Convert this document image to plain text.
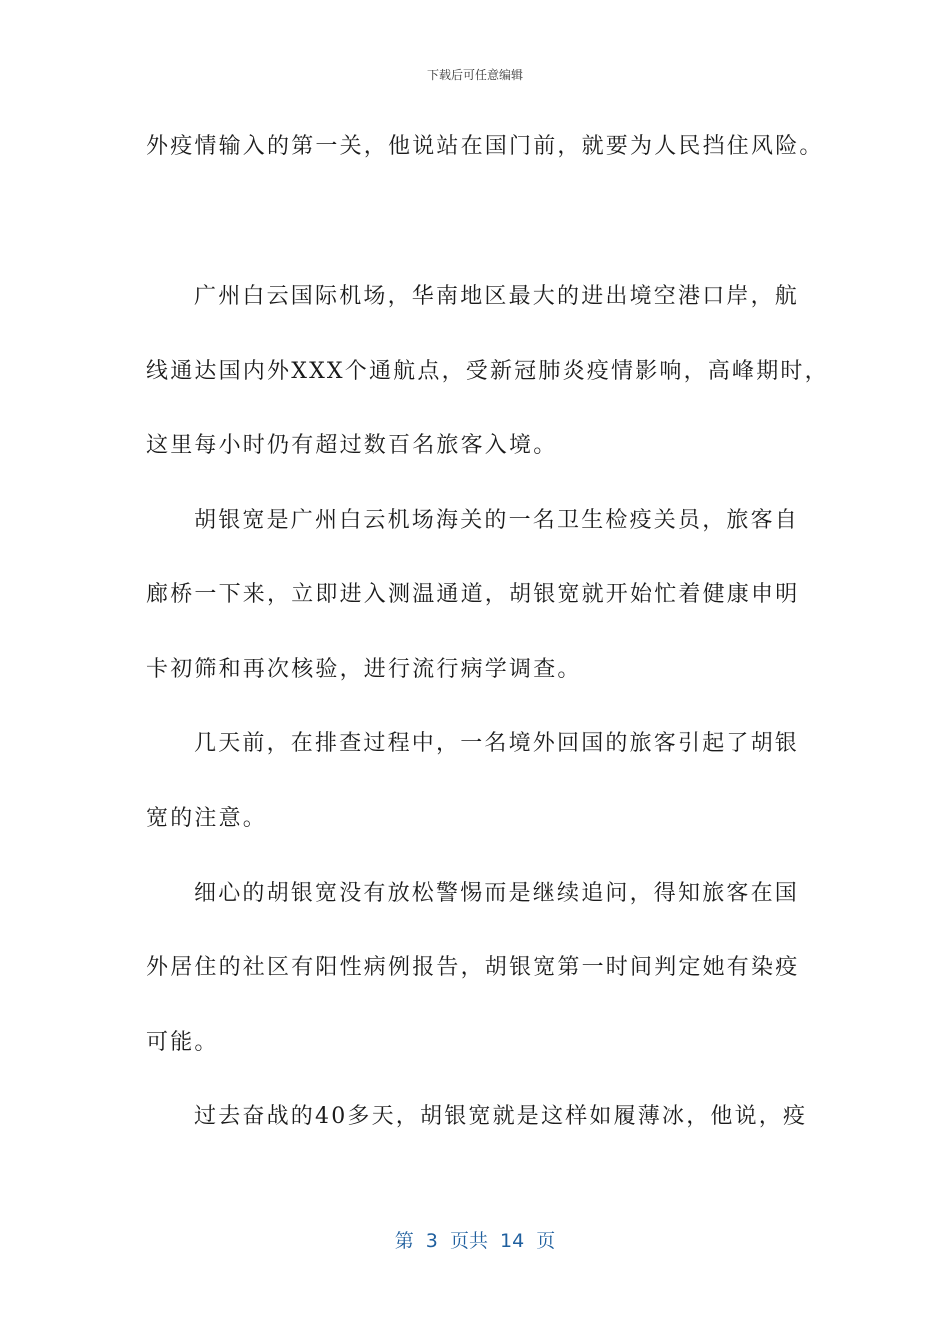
下载后可任意编辑
外疫情输入的第一关，他说站在国门前，就要为人民挡住风险。
广州白云国际机场，华南地区最大的进出境空港口岸，航
线通达国内外XXX个通航点，受新冠肺炎疫情影响，高峰期时，
这里每小时仍有超过数百名旅客入境。
胡银宽是广州白云机场海关的一名卫生检疫关员，旅客自
廊桥一下来，立即进入测温通道，胡银宽就开始忙着健康申明
卡初筛和再次核验，进行流行病学调查。
几天前，在排查过程中，一名境外回国的旅客引起了胡银
宽的注意。
细心的胡银宽没有放松警惕而是继续追问，得知旅客在国
外居住的社区有阳性病例报告，胡银宽第一时间判定她有染疫
可能。
过去奋战的40多天，胡银宽就是这样如履薄冰，他说，疫
第  3  页共  14  页
